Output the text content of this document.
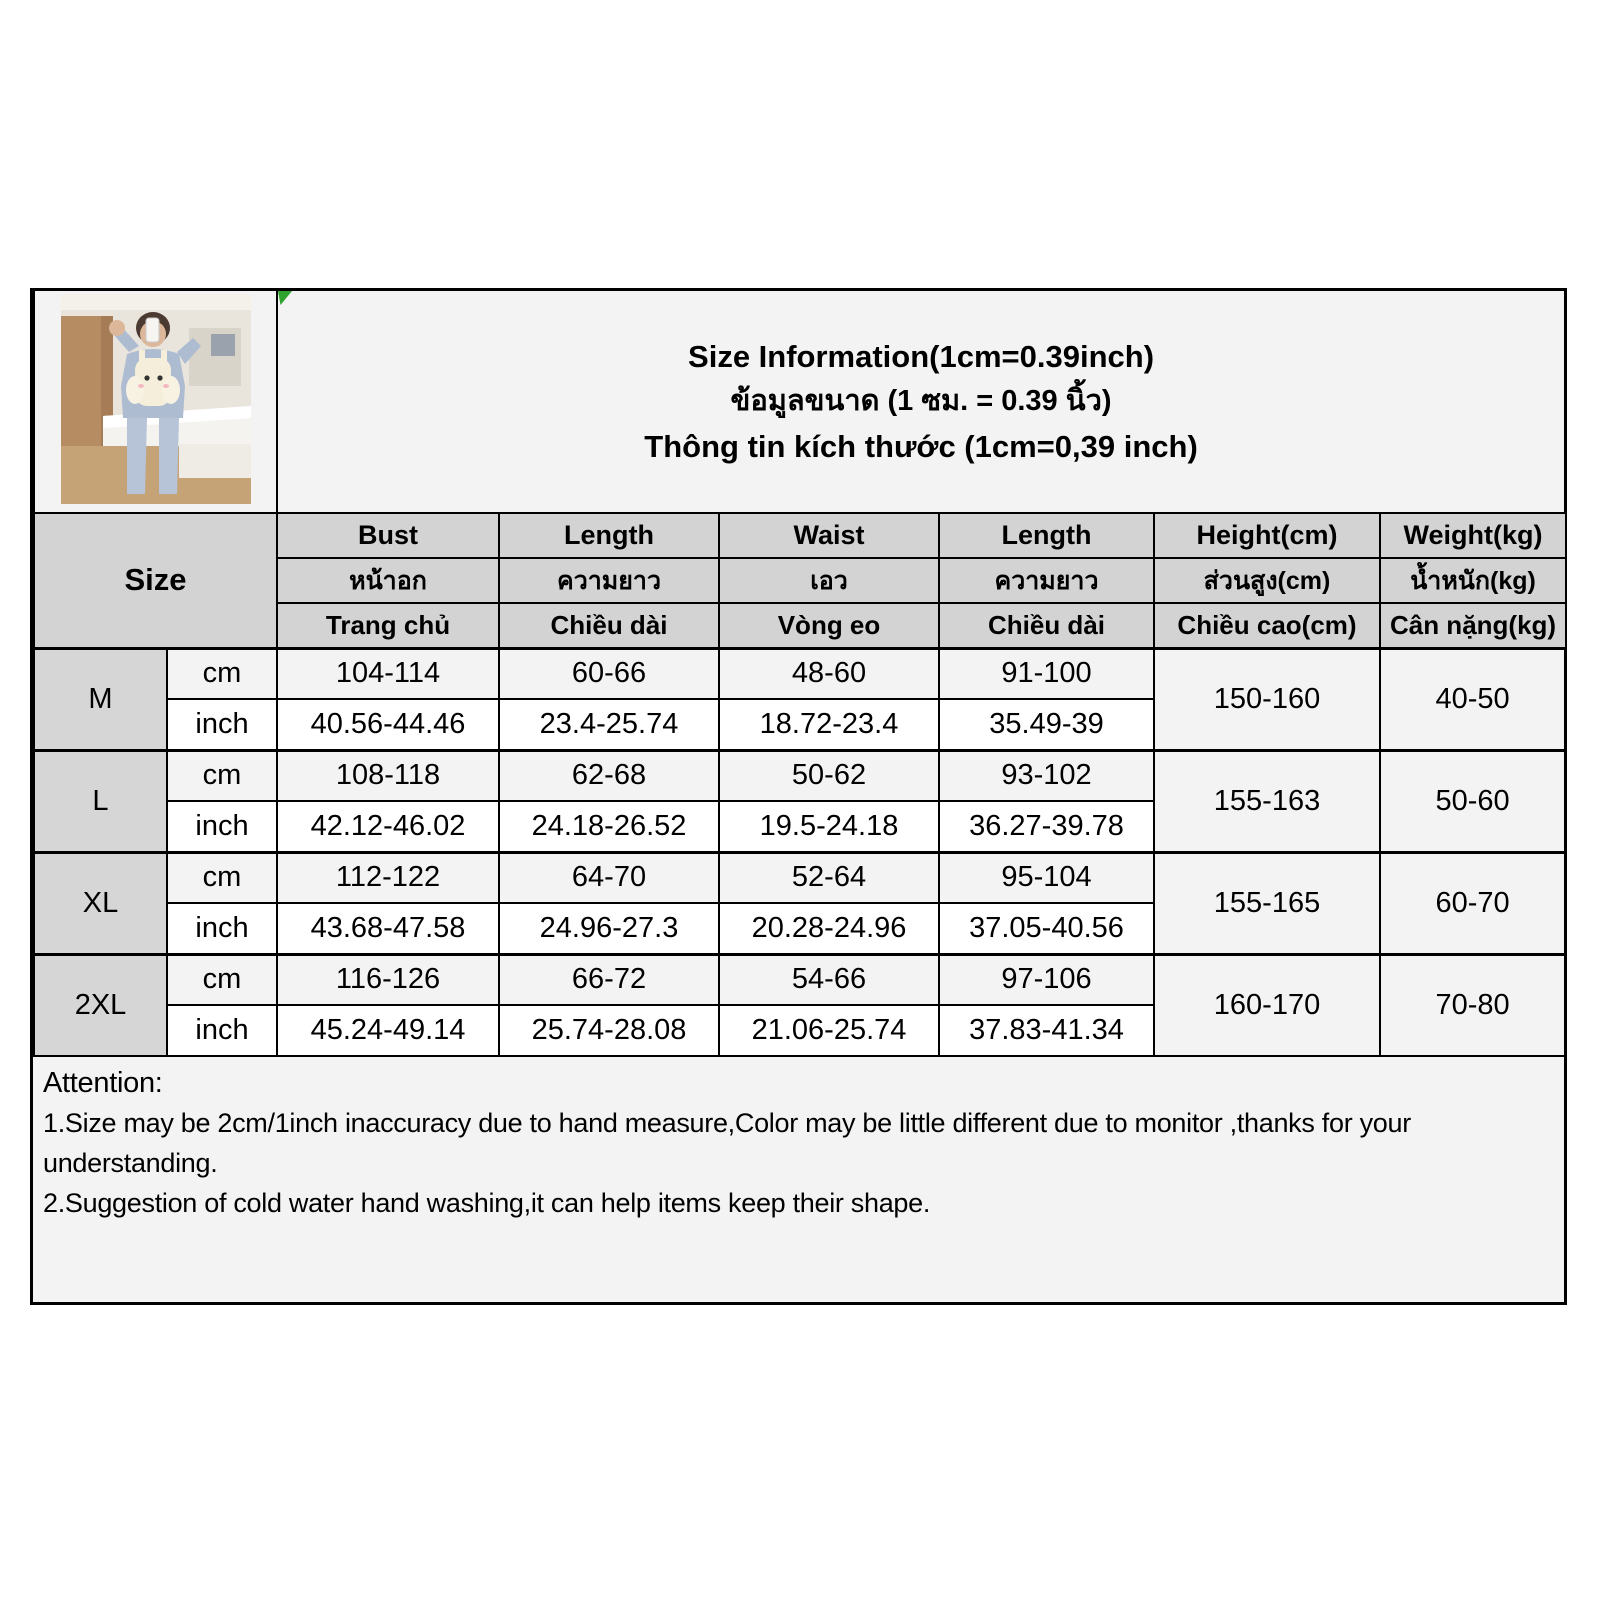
Size Information(1cm=0.39inch)
ข้อมูลขนาด (1 ซม. = 0.39 นิ้ว)
Thông tin kích thước (1cm=0,39 inch)					

Size		Bust	Length	Waist	Length	Height(cm)	Weight(kg)
		หน้าอก	ความยาว	เอว	ความยาว	ส่วนสูง(cm)	น้ำหนัก(kg)
		Trang chủ	Chiều dài	Vòng eo	Chiều dài	Chiều cao(cm)	Cân nặng(kg)
M	cm	104-114	60-66	48-60	91-100	150-160	40-50
	inch	40.56-44.46	23.4-25.74	18.72-23.4	35.49-39		
L	cm	108-118	62-68	50-62	93-102	155-163	50-60
	inch	42.12-46.02	24.18-26.52	19.5-24.18	36.27-39.78		
XL	cm	112-122	64-70	52-64	95-104	155-165	60-70
	inch	43.68-47.58	24.96-27.3	20.28-24.96	37.05-40.56		
2XL	cm	116-126	66-72	54-66	97-106	160-170	70-80
	inch	45.24-49.14	25.74-28.08	21.06-25.74	37.83-41.34		
Attention:
1.Size may be 2cm/1inch inaccuracy due to hand measure,Color may be little different due to monitor ,thanks for your understanding.
2.Suggestion of cold water hand washing,it can help items keep their shape.
